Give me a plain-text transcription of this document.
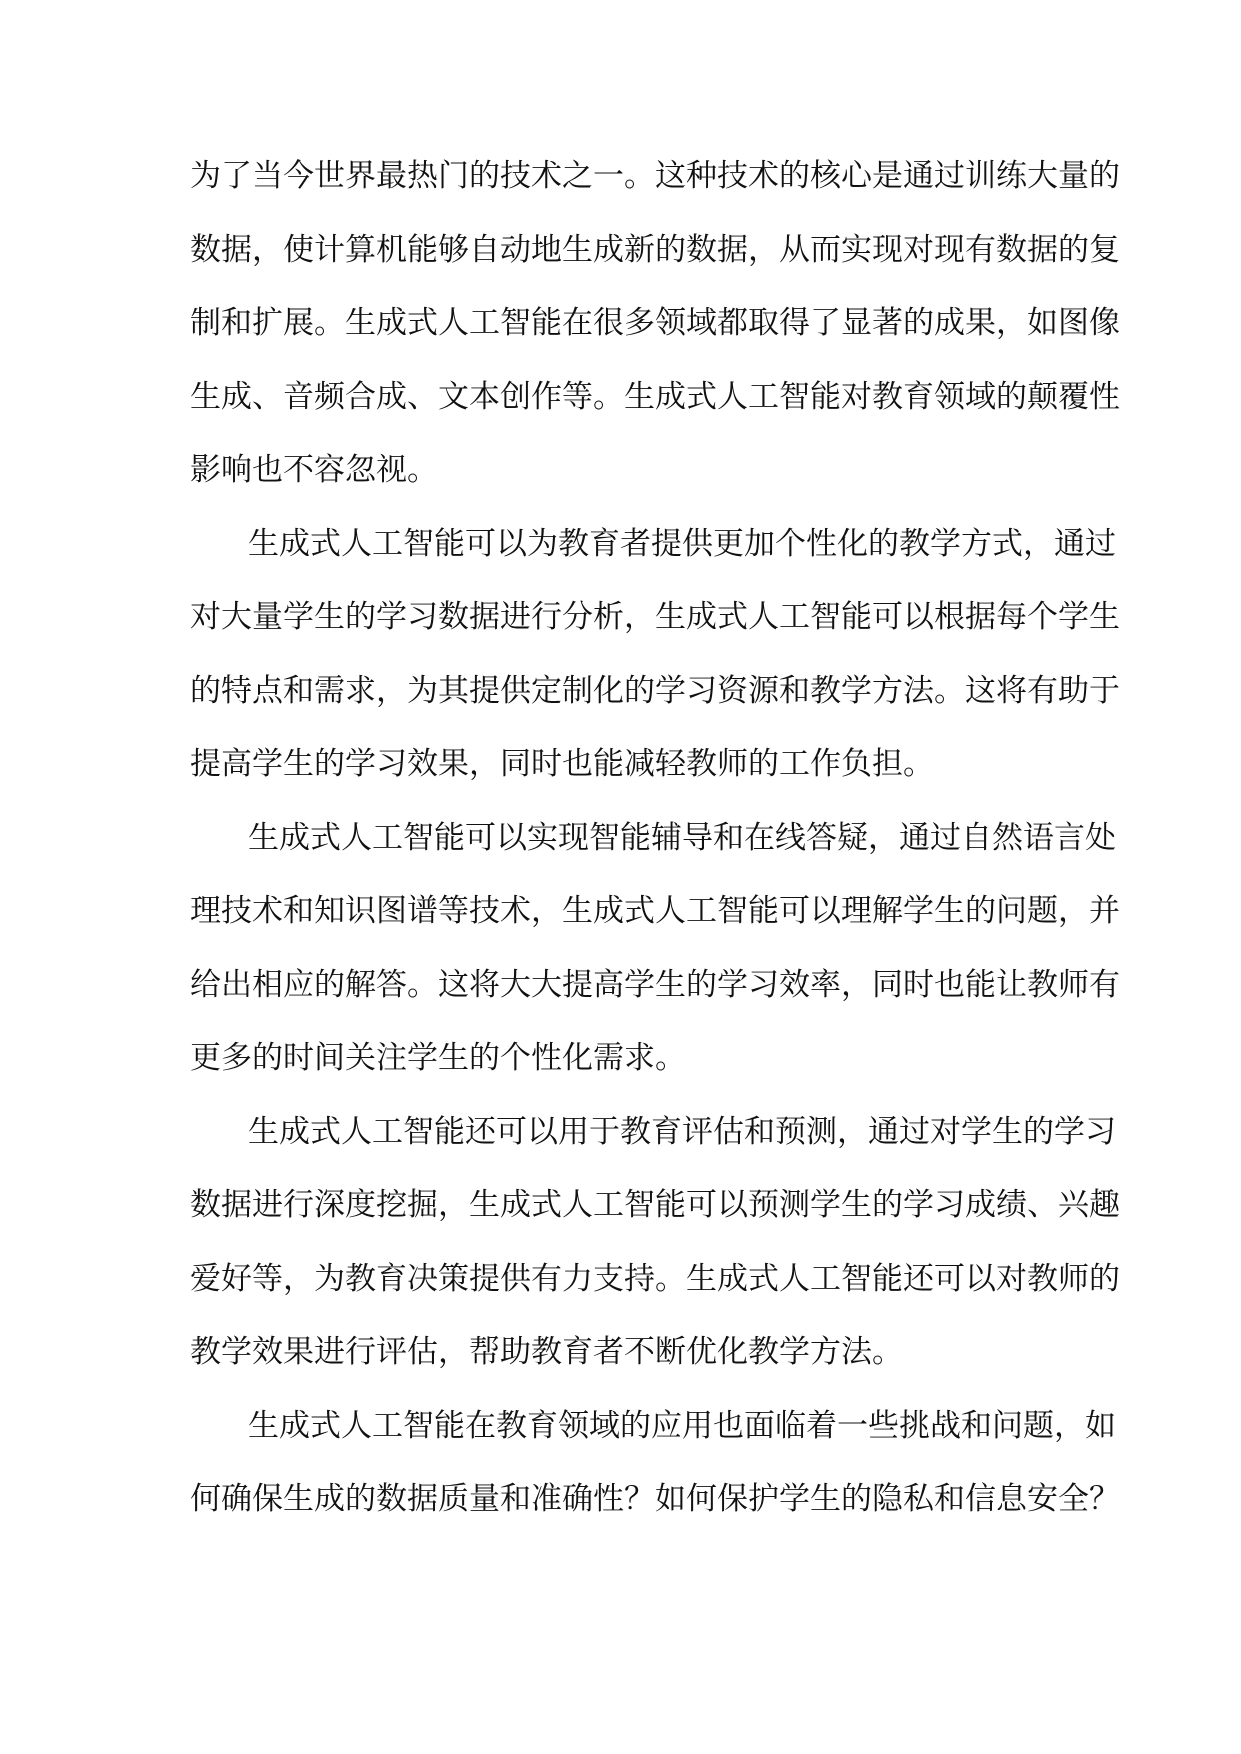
为了当今世界最热门的技术之一。这种技术的核心是通过训练大量的
数据，使计算机能够自动地生成新的数据，从而实现对现有数据的复
制和扩展。生成式人工智能在很多领域都取得了显著的成果，如图像
生成、音频合成、文本创作等。生成式人工智能对教育领域的颠覆性
影响也不容忽视。
生成式人工智能可以为教育者提供更加个性化的教学方式，通过
对大量学生的学习数据进行分析，生成式人工智能可以根据每个学生
的特点和需求，为其提供定制化的学习资源和教学方法。这将有助于
提高学生的学习效果，同时也能减轻教师的工作负担。
生成式人工智能可以实现智能辅导和在线答疑，通过自然语言处
理技术和知识图谱等技术，生成式人工智能可以理解学生的问题，并
给出相应的解答。这将大大提高学生的学习效率，同时也能让教师有
更多的时间关注学生的个性化需求。
生成式人工智能还可以用于教育评估和预测，通过对学生的学习
数据进行深度挖掘，生成式人工智能可以预测学生的学习成绩、兴趣
爱好等，为教育决策提供有力支持。生成式人工智能还可以对教师的
教学效果进行评估，帮助教育者不断优化教学方法。
生成式人工智能在教育领域的应用也面临着一些挑战和问题，如
何确保生成的数据质量和准确性？如何保护学生的隐私和信息安全？
